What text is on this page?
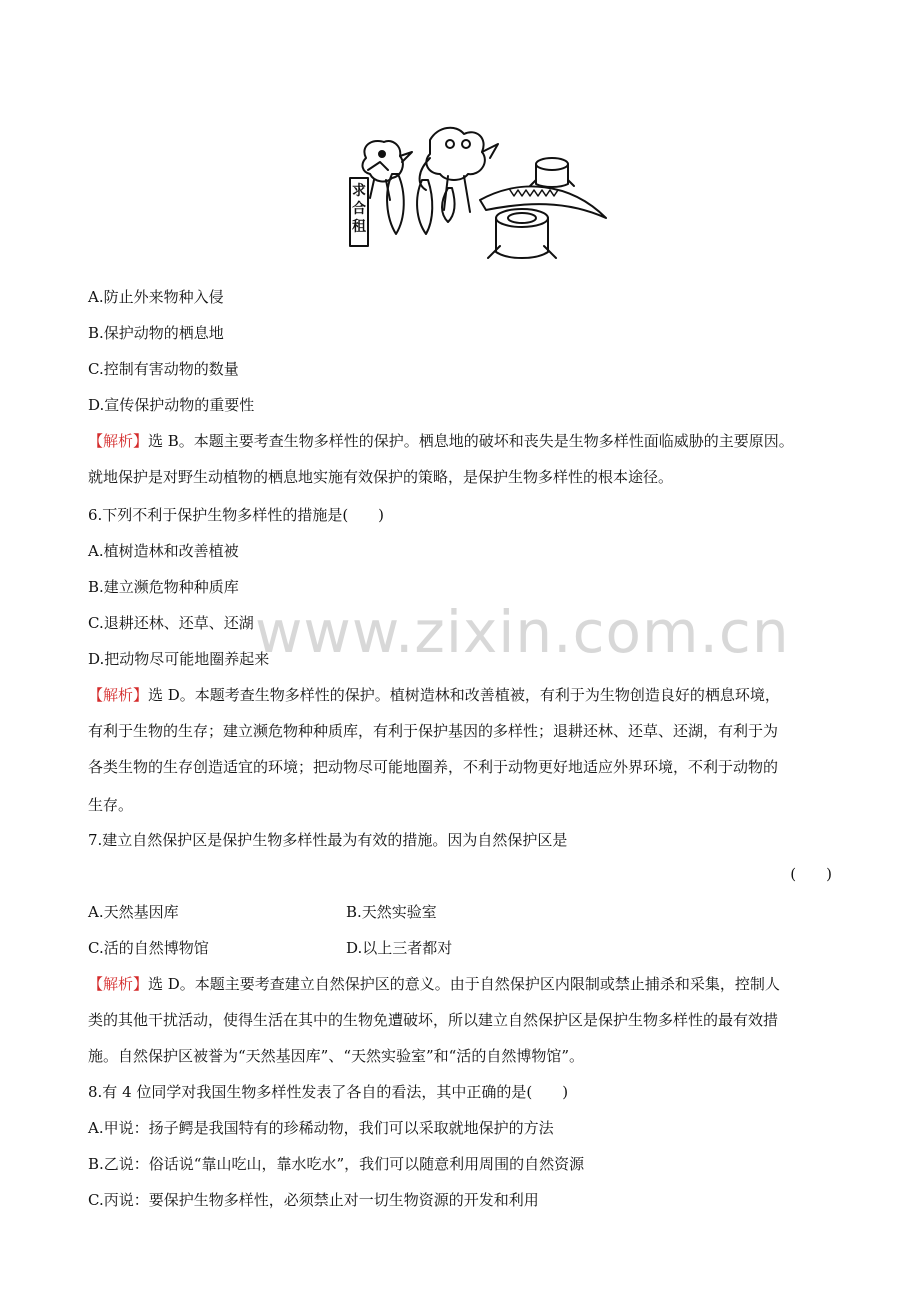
www.zixin.com.cn
求合租
A.防止外来物种入侵
B.保护动物的栖息地
C.控制有害动物的数量
D.宣传保护动物的重要性
【解析】选 B。本题主要考查生物多样性的保护。栖息地的破坏和丧失是生物多样性面临威胁的主要原因。
就地保护是对野生动植物的栖息地实施有效保护的策略，是保护生物多样性的根本途径。
6.下列不利于保护生物多样性的措施是(　　)
A.植树造林和改善植被
B.建立濒危物种种质库
C.退耕还林、还草、还湖
D.把动物尽可能地圈养起来
【解析】选 D。本题考查生物多样性的保护。植树造林和改善植被，有利于为生物创造良好的栖息环境，
有利于生物的生存；建立濒危物种种质库，有利于保护基因的多样性；退耕还林、还草、还湖，有利于为
各类生物的生存创造适宜的环境；把动物尽可能地圈养，不利于动物更好地适应外界环境，不利于动物的
生存。
7.建立自然保护区是保护生物多样性最为有效的措施。因为自然保护区是
(　　)
A.天然基因库	B.天然实验室
C.活的自然博物馆	D.以上三者都对
【解析】选 D。本题主要考查建立自然保护区的意义。由于自然保护区内限制或禁止捕杀和采集，控制人
类的其他干扰活动，使得生活在其中的生物免遭破坏，所以建立自然保护区是保护生物多样性的最有效措
施。自然保护区被誉为“天然基因库”、“天然实验室”和“活的自然博物馆”。
8.有 4 位同学对我国生物多样性发表了各自的看法，其中正确的是(　　)
A.甲说：扬子鳄是我国特有的珍稀动物，我们可以采取就地保护的方法
B.乙说：俗话说“靠山吃山，靠水吃水”，我们可以随意利用周围的自然资源
C.丙说：要保护生物多样性，必须禁止对一切生物资源的开发和利用
